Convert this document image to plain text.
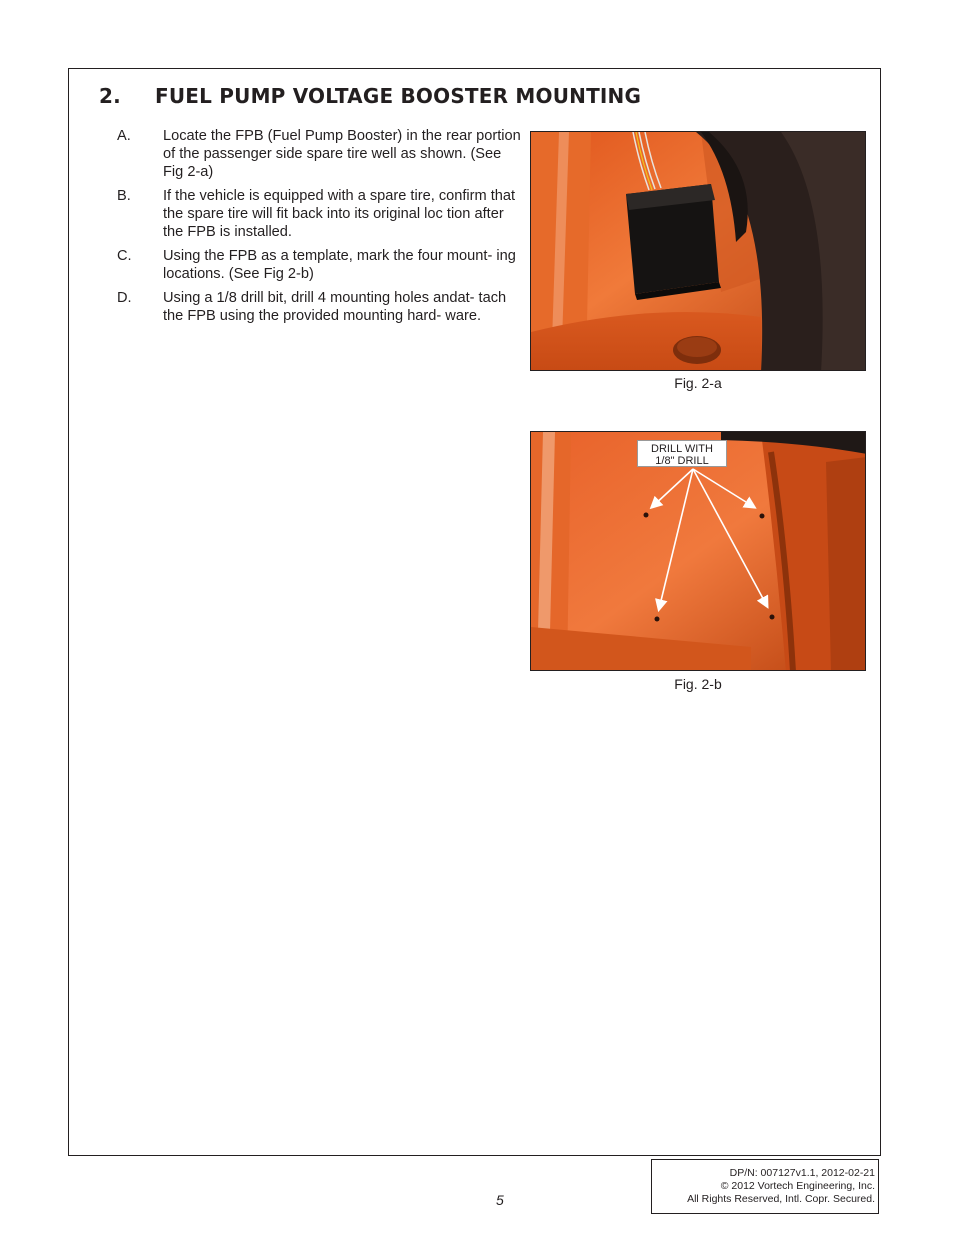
2. FUEL PUMP VOLTAGE BOOSTER MOUNTING
A. Locate the FPB (Fuel Pump Booster) in the rear portion of the passenger side spare tire well as shown. (See Fig 2-a)
B. If the vehicle is equipped with a spare tire, confirm that the spare tire will fit back into its original loc tion after the FPB is installed.
C. Using the FPB as a template, mark the four mount- ing locations. (See Fig 2-b)
D. Using a 1/8 drill bit, drill 4 mounting holes andat- tach the FPB using the provided mounting hard- ware.
Fig. 2-a
DRILL WITH
1/8" DRILL
Fig. 2-b
5
DP/N: 007127v1.1, 2012-02-21
© 2012 Vortech Engineering, Inc.
All Rights Reserved, Intl. Copr. Secured.
